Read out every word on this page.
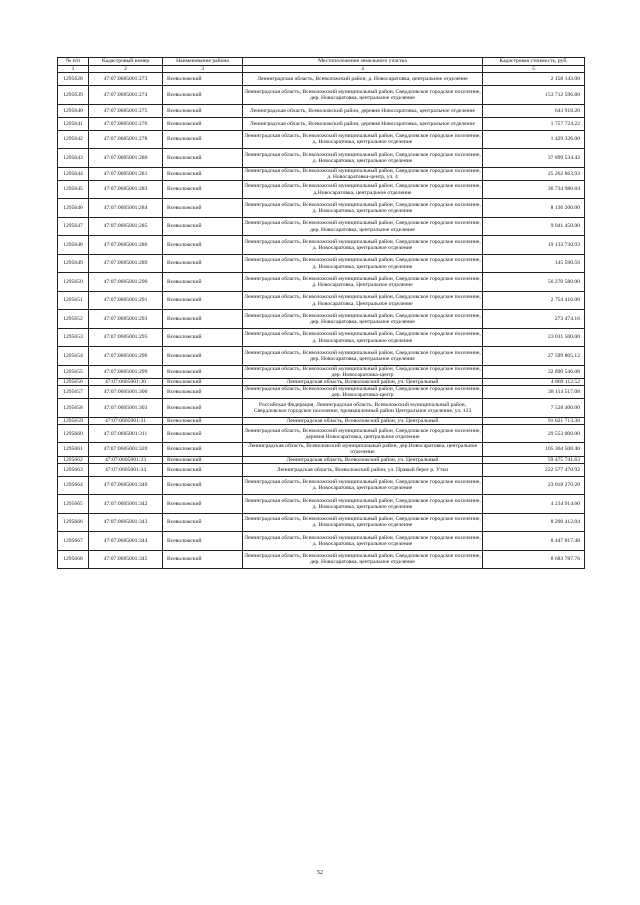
№ п/п	Кадастровый номер	Наименование района	Местоположение земельного участка	Кадастровая стоимость, руб.
1	2	3	4	5
1295628	47:07:0605001:273	Всеволожский	Ленинградская область, Всеволожский район, д. Новосаратовка, центральное отделение	2 158 143.00
1295639	47:07:0605001:274	Всеволожский	Ленинградская область, Всеволожский муниципальный район, Свердловское городское поселение, дер. Новосаратовка, центральное отделение	153 712 596.80
1295640	47:07:0605001:275	Всеволожский	Ленинградская область, Всеволожский район, деревня Новосаратовка, центральное отделение	643 918.20
1295641	47:07:0605001:276	Всеволожский	Ленинградская область, Всеволожский район, деревня Новосаратовка, центральное отделение	1 757 724.22
1295642	47:07:0605001:278	Всеволожский	Ленинградская область, Всеволожский муниципальный район, Свердловское городское поселение, д. Новосаратовка, центральное отделение	1 429 326.00
1295643	47:07:0605001:280	Всеволожский	Ленинградская область, Всеволожский муниципальный район, Свердловское городское поселение, д. Новосаратовка, центральное отделение	37 899 534.42
1295644	47:07:0605001:281	Всеволожский	Ленинградская область, Всеволожский муниципальный район, Свердловское городское поселение, д. Новосаратовка-центр, ул. 4	25 262 863.93
1295645	47:07:0605001:283	Всеволожский	Ленинградская область, Всеволожский муниципальный район, Свердловское городское поселение, д.Новосаратовка, центральное отделение	36 734 980.84
1295646	47:07:0605001:284	Всеволожский	Ленинградская область, Всеволожский муниципальный район, Свердловское городское поселение, д. Новосаратовка, центральное отделение	8 136 200.00
1295647	47:07:0605001:285	Всеволожский	Ленинградская область, Всеволожский муниципальный район, Свердловское городское поселение, дер. Новосаратовка, центральное отделение	9 041 450.00
1295648	47:07:0605001:286	Всеволожский	Ленинградская область, Всеволожский муниципальный район, Свердловское городское поселение, д. Новосаратовка, центральное отделение	19 133 730.93
1295649	47:07:0605001:289	Всеволожский	Ленинградская область, Всеволожский муниципальный район, Свердловское городское поселение, д. Новосаратовка, центральное отделение	145 590.56
1295650	47:07:0605001:290	Всеволожский	Ленинградская область, Всеволожский муниципальный район, Свердловское городское поселение, д. Новосаратовка, Центральное отделение	56 270 580.00
1295651	47:07:0605001:291	Всеволожский	Ленинградская область, Всеволожский муниципальный район, Свердловское городское поселение, д. Новосаратовка, Центральное отделение	2 754 416.00
1295652	47:07:0605001:293	Всеволожский	Ленинградская область, Всеволожский муниципальный район, Свердловское городское поселение, дер. Новосаратовка, центральное отделение	273 474.16
1295653	47:07:0605001:295	Всеволожский	Ленинградская область, Всеволожский муниципальный район, Свердловское городское поселение, д. Новосаратовка, центральное отделение	23 011 500.00
1295654	47:07:0605001:296	Всеволожский	Ленинградская область, Всеволожский муниципальный район, Свердловское городское поселение, дер. Новосаратовка, центральное отделение	27 599 805.12
1295655	47:07:0605001:299	Всеволожский	Ленинградская область, Всеволожский муниципальный район, Свердловское городское поселение, дер. Новосаратовка-центр	32 890 546.08
1295656	47:07:0605001:30	Всеволожский	Ленинградская область, Всеволожский район, уч. Центральный	4 869 112.52
1295657	47:07:0605001:300	Всеволожский	Ленинградская область, Всеволожский муниципальный район, Свердловское городское поселение, дер. Новосаратовка-центр	38 114 517.08
1295658	47:07:0605001:303	Всеволожский	Российская Федерация, Ленинградская область, Всеволожский муниципальный район, Свердловское городское поселение, промышленный район Центральное отделение, ул. 123	7 528 400.00
1295659	47:07:0605001:31	Всеволожский	Ленинградская область, Всеволожский район, уч. Центральный	91 621 713.36
1295660	47:07:0605001:311	Всеволожский	Ленинградская область, Всеволожский муниципальный район, Свердловское городское поселение, деревня Новосаратовка, центральное отделение	29 553 000.00
1295661	47:07:0605001:320	Всеволожский	Ленинградская область, Всеволожский муниципальный район, дер.Новосаратовка, центральное отделение	105 364 508.40
1295662	47:07:0605001:33	Всеволожский	Ленинградская область, Всеволожский район, уч. Центральный	59 475 741.63
1295663	47:07:0605001:34	Всеволожский	Ленинградская область, Всеволожский район, ул. Правый берег р. Утки	222 577 470.92
1295664	47:07:0605001:340	Всеволожский	Ленинградская область, Всеволожский муниципальный район, Свердловское городское поселение, д. Новосаратовка, центральное отделение	23 018 270.20
1295665	47:07:0605001:342	Всеволожский	Ленинградская область, Всеволожский муниципальный район, Свердловское городское поселение, д. Новосаратовка, центральное отделение	4 234 914.60
1295666	47:07:0605001:343	Всеволожский	Ленинградская область, Всеволожский муниципальный район, Свердловское городское поселение, д. Новосаратовка, центральное отделение	8 200 412.04
1295667	47:07:0605001:344	Всеволожский	Ленинградская область, Всеволожский муниципальный район, Свердловское городское поселение, д. Новосаратовка, центральное отделение	8 447 817.48
1295668	47:07:0605001:345	Всеволожский	Ленинградская область, Всеволожский муниципальный район, Свердловское городское поселение, дер. Новосаратовка, центральное отделение	8 683 787.76
52
